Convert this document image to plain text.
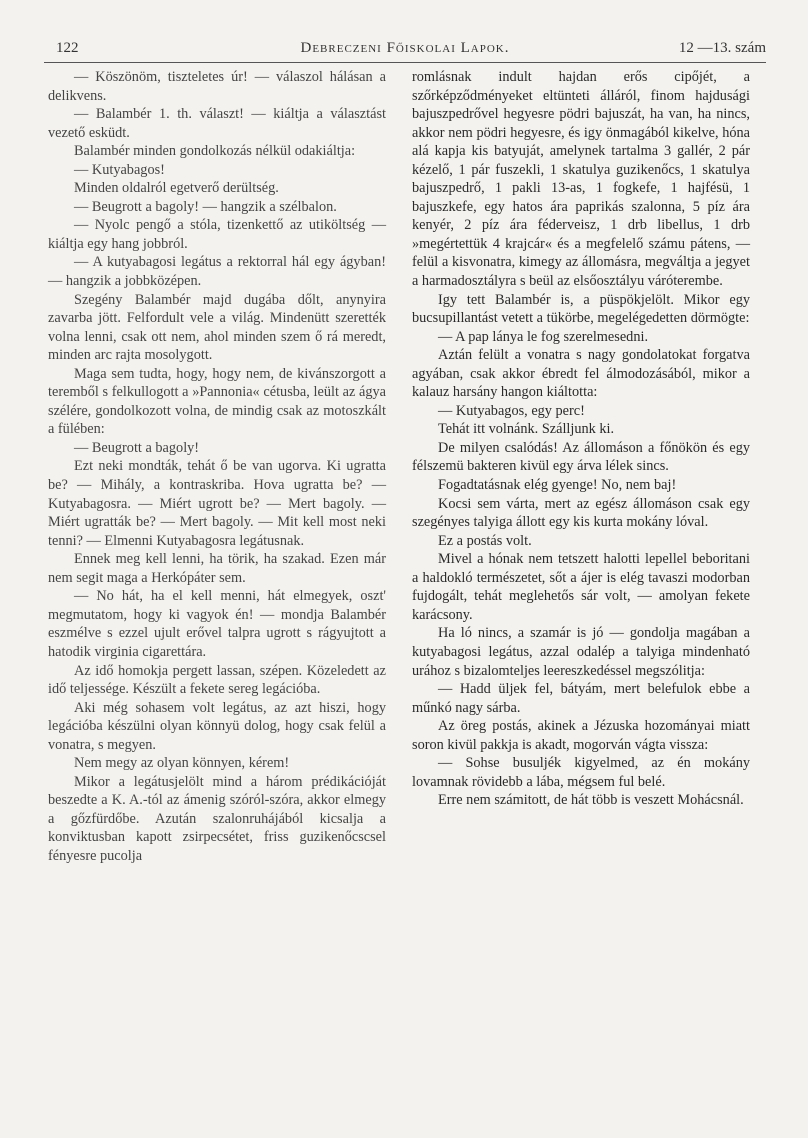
122	Debreczeni Főiskolai Lapok.	12 —13. szám

— Köszönöm, tiszteletes úr! — válaszol hálásan a delikvens.

— Balambér 1. th. választ! — kiáltja a választást vezető esküdt.

Balambér minden gondolkozás nélkül odakiáltja:

— Kutyabagos!

Minden oldalról egetverő derültség.

— Beugrott a bagoly! — hangzik a szélbalon.

— Nyolc pengő a stóla, tizenkettő az utiköltség — kiáltja egy hang jobbról.

— A kutyabagosi legátus a rektorral hál egy ágyban! — hangzik a jobbközépen.

Szegény Balambér majd dugába dőlt, anynyira zavarba jött. Felfordult vele a világ. Mindenütt szerették volna lenni, csak ott nem, ahol minden szem ő rá meredt, minden arc rajta mosolygott.

Maga sem tudta, hogy, hogy nem, de kivánszorgott a teremből s felkullogott a »Pannonia« cétusba, leült az ágya szélére, gondolkozott volna, de mindig csak az motoszkált a fülében:

— Beugrott a bagoly!

Ezt neki mondták, tehát ő be van ugorva. Ki ugratta be? — Mihály, a kontraskriba. Hova ugratta be? — Kutyabagosra. — Miért ugrott be? — Mert bagoly. — Miért ugratták be? — Mert bagoly. — Mit kell most neki tenni? — Elmenni Kutyabagosra legátusnak.

Ennek meg kell lenni, ha törik, ha szakad. Ezen már nem segit maga a Herkópáter sem.

— No hát, ha el kell menni, hát elmegyek, oszt' megmutatom, hogy ki vagyok én! — mondja Balambér eszmélve s ezzel ujult erővel talpra ugrott s rágyujtott a hatodik virginia cigarettára.

Az idő homokja pergett lassan, szépen. Közeledett az idő teljessége. Készült a fekete sereg legációba.

Aki még sohasem volt legátus, az azt hiszi, hogy legációba készülni olyan könnyü dolog, hogy csak felül a vonatra, s megyen.

Nem megy az olyan könnyen, kérem!

Mikor a legátusjelölt mind a három prédikációját beszedte a K. A.-tól az ámenig szóról-szóra, akkor elmegy a gőzfürdőbe. Azután szalonruhájából kicsalja a konviktusban kapott zsirpecsétet, friss guzikenőcscsel fényesre pucolja

romlásnak indult hajdan erős cipőjét, a szőrképződményeket eltünteti álláról, finom hajdusági bajuszpedrővel hegyesre pödri bajuszát, ha van, ha nincs, akkor nem pödri hegyesre, és igy önmagából kikelve, hóna alá kapja kis batyuját, amelynek tartalma 3 gallér, 2 pár kézelő, 1 pár fuszekli, 1 skatulya guzikenőcs, 1 skatulya bajuszpedrő, 1 pakli 13-as, 1 fogkefe, 1 hajfésü, 1 bajuszkefe, egy hatos ára paprikás szalonna, 5 píz ára kenyér, 2 píz ára féderveisz, 1 drb libellus, 1 drb »megértettük 4 krajcár« és a megfelelő számu pátens, — felül a kisvonatra, kimegy az állomásra, megváltja a jegyet a harmadosztályra s beül az elsőosztályu váróterembe.

Igy tett Balambér is, a püspökjelölt. Mikor egy bucsupillantást vetett a tükörbe, megelégedetten dörmögte:

— A pap lánya le fog szerelmesedni.

Aztán felült a vonatra s nagy gondolatokat forgatva agyában, csak akkor ébredt fel álmodozásából, mikor a kalauz harsány hangon kiáltotta:

— Kutyabagos, egy perc!

Tehát itt volnánk. Szálljunk ki.

De milyen csalódás! Az állomáson a főnökön és egy félszemü bakteren kivül egy árva lélek sincs.

Fogadtatásnak elég gyenge! No, nem baj!

Kocsi sem várta, mert az egész állomáson csak egy szegényes talyiga állott egy kis kurta mokány lóval.

Ez a postás volt.

Mivel a hónak nem tetszett halotti lepellel beboritani a haldokló természetet, sőt a ájer is elég tavaszi modorban fujdogált, tehát meglehetős sár volt, — amolyan fekete karácsony.

Ha ló nincs, a szamár is jó — gondolja magában a kutyabagosi legátus, azzal odalép a talyiga mindenható urához s bizalomteljes leereszkedéssel megszólitja:

— Hadd üljek fel, bátyám, mert belefulok ebbe a műnkó nagy sárba.

Az öreg postás, akinek a Jézuska hozományai miatt soron kivül pakkja is akadt, mogorván vágta vissza:

— Sohse busuljék kigyelmed, az én mokány lovamnak rövidebb a lába, mégsem ful belé.

Erre nem számitott, de hát több is veszett Mohácsnál.
